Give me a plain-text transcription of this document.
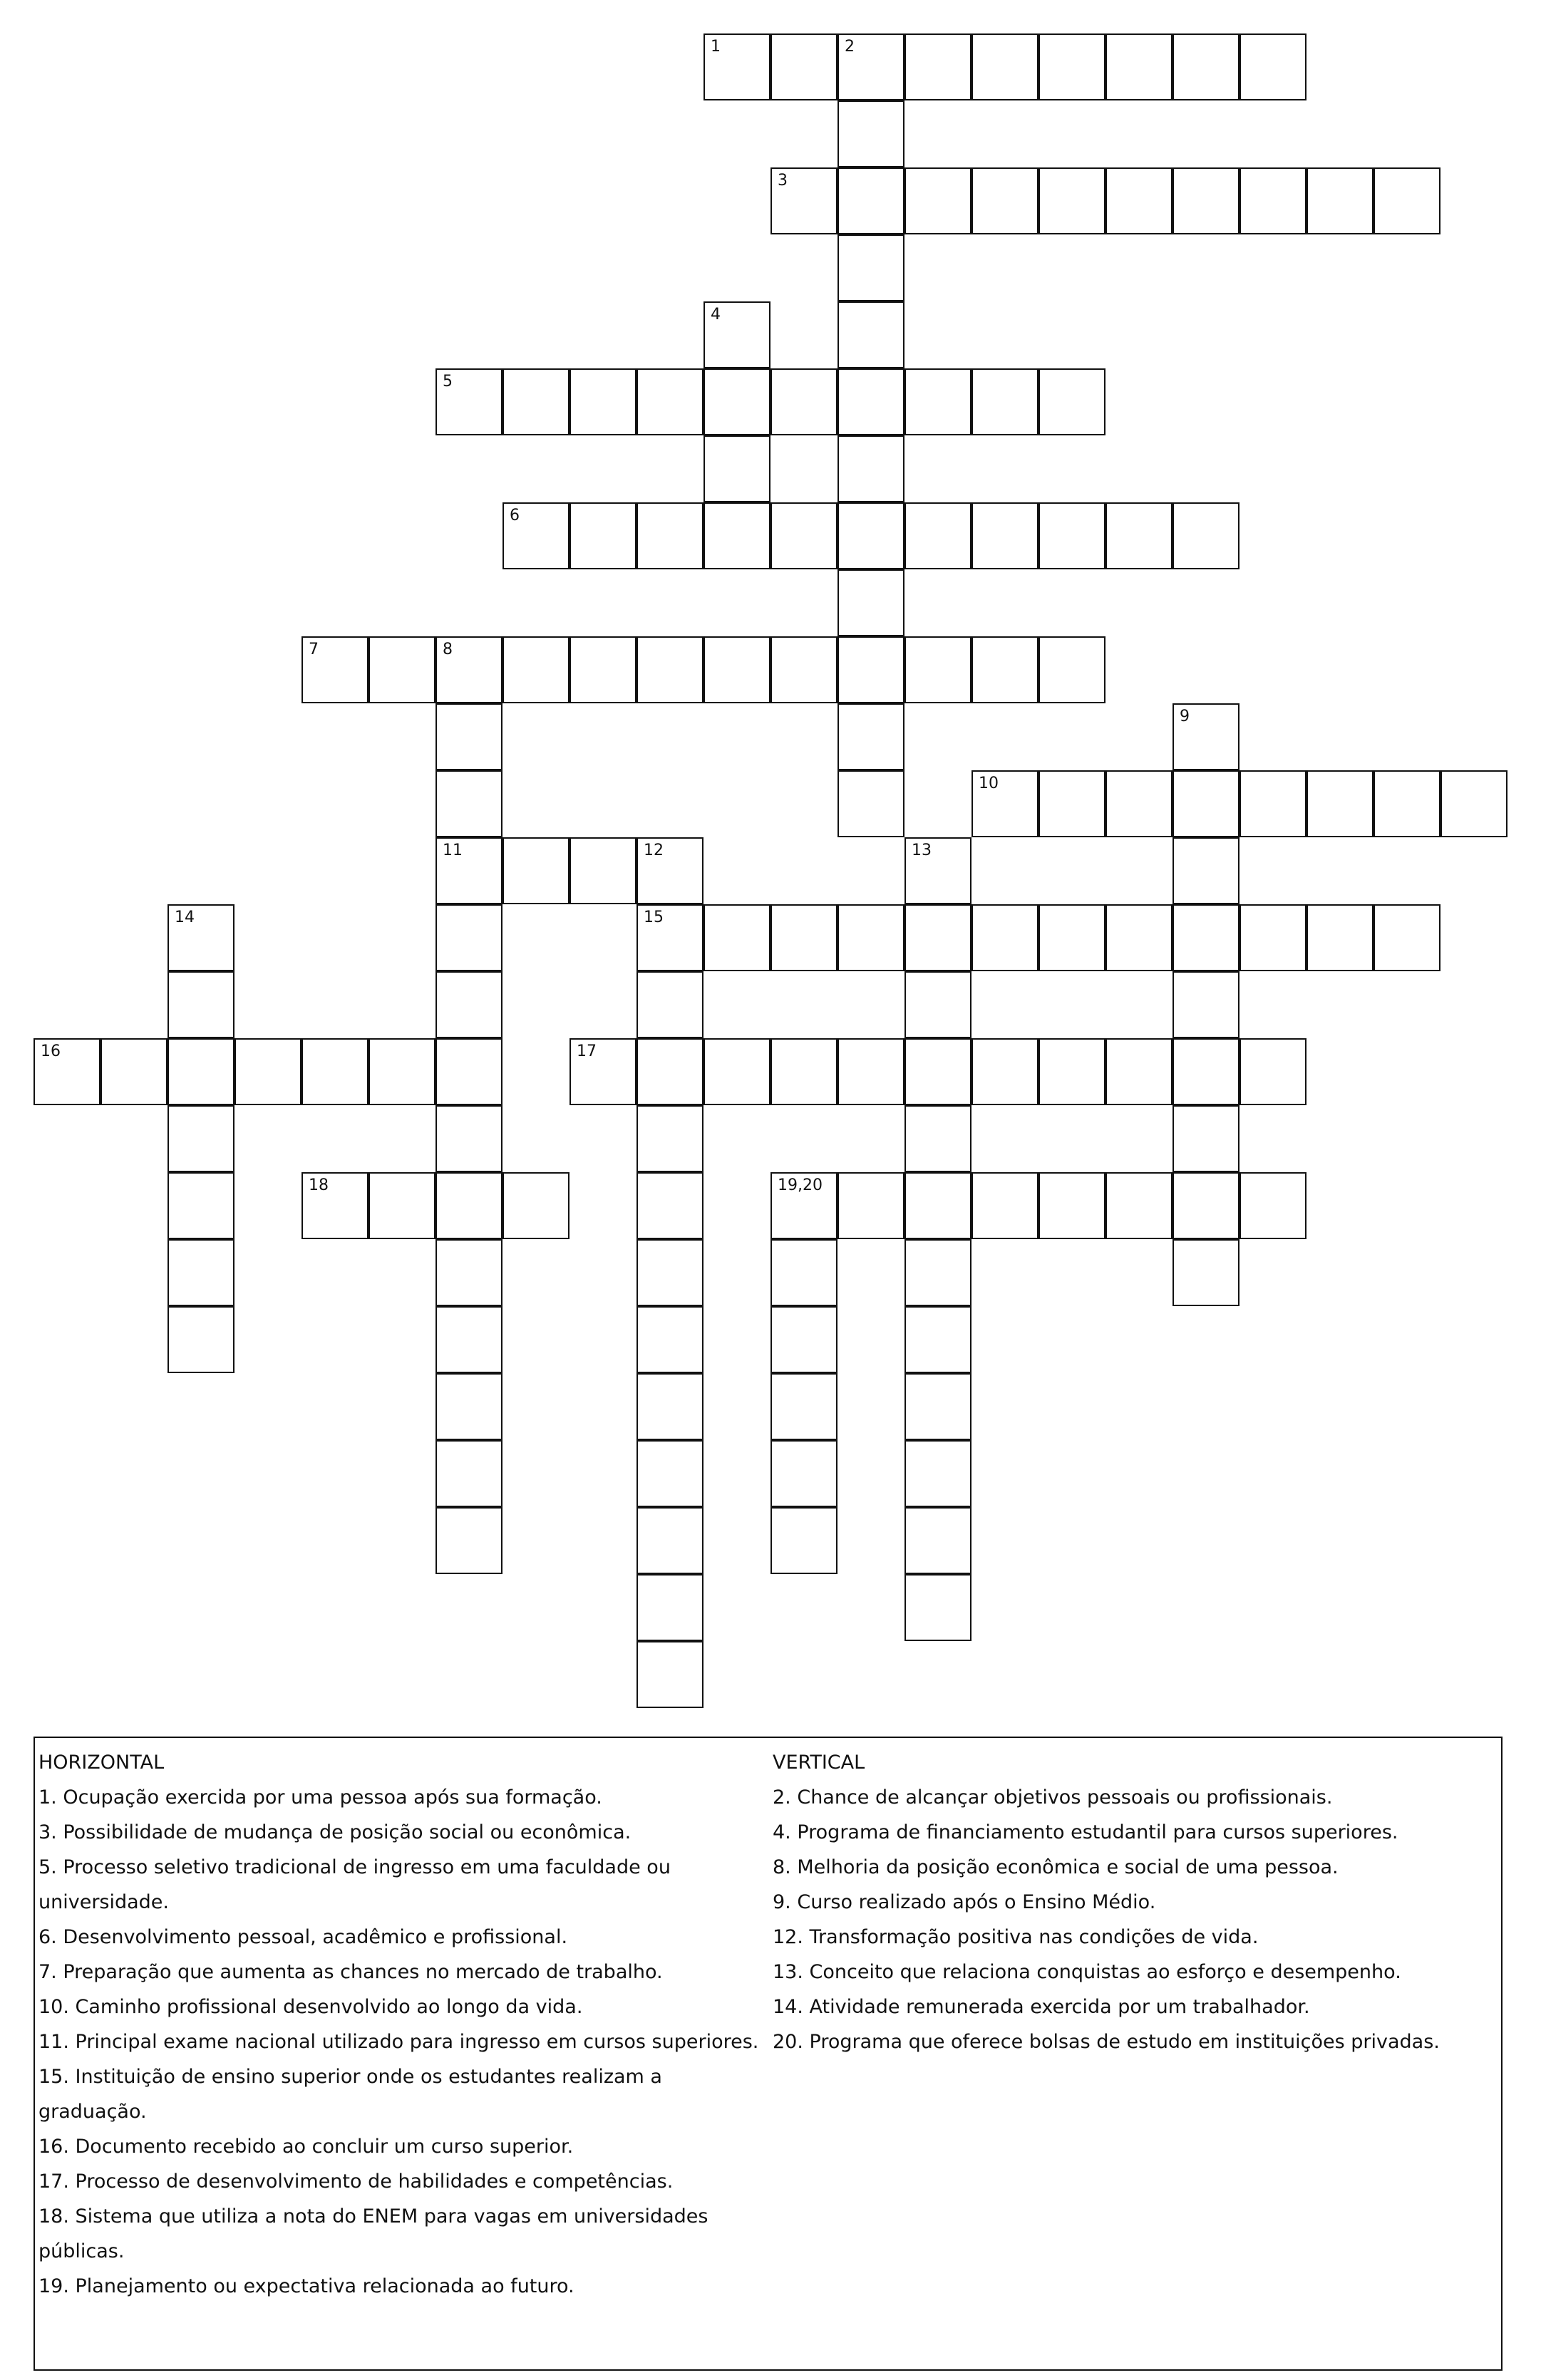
1	2
3
4
5
6
7	8
11
9
10
12
15
13
14
16	17
18	19,20

HORIZONTAL

1. Ocupação exercida por uma pessoa após sua formação.

3. Possibilidade de mudança de posição social ou econômica.

5. Processo seletivo tradicional de ingresso em uma faculdade ou universidade.

6. Desenvolvimento pessoal, acadêmico e profissional.

7. Preparação que aumenta as chances no mercado de trabalho.

10. Caminho profissional desenvolvido ao longo da vida.

11. Principal exame nacional utilizado para ingresso em cursos superiores.

15. Instituição de ensino superior onde os estudantes realizam a graduação.

16. Documento recebido ao concluir um curso superior.

17. Processo de desenvolvimento de habilidades e competências.

18. Sistema que utiliza a nota do ENEM para vagas em universidades públicas.

19. Planejamento ou expectativa relacionada ao futuro.

VERTICAL

2. Chance de alcançar objetivos pessoais ou profissionais.

4. Programa de financiamento estudantil para cursos superiores.

8. Melhoria da posição econômica e social de uma pessoa.

9. Curso realizado após o Ensino Médio.

12. Transformação positiva nas condições de vida.

13. Conceito que relaciona conquistas ao esforço e desempenho.

14. Atividade remunerada exercida por um trabalhador.

20. Programa que oferece bolsas de estudo em instituições privadas.
